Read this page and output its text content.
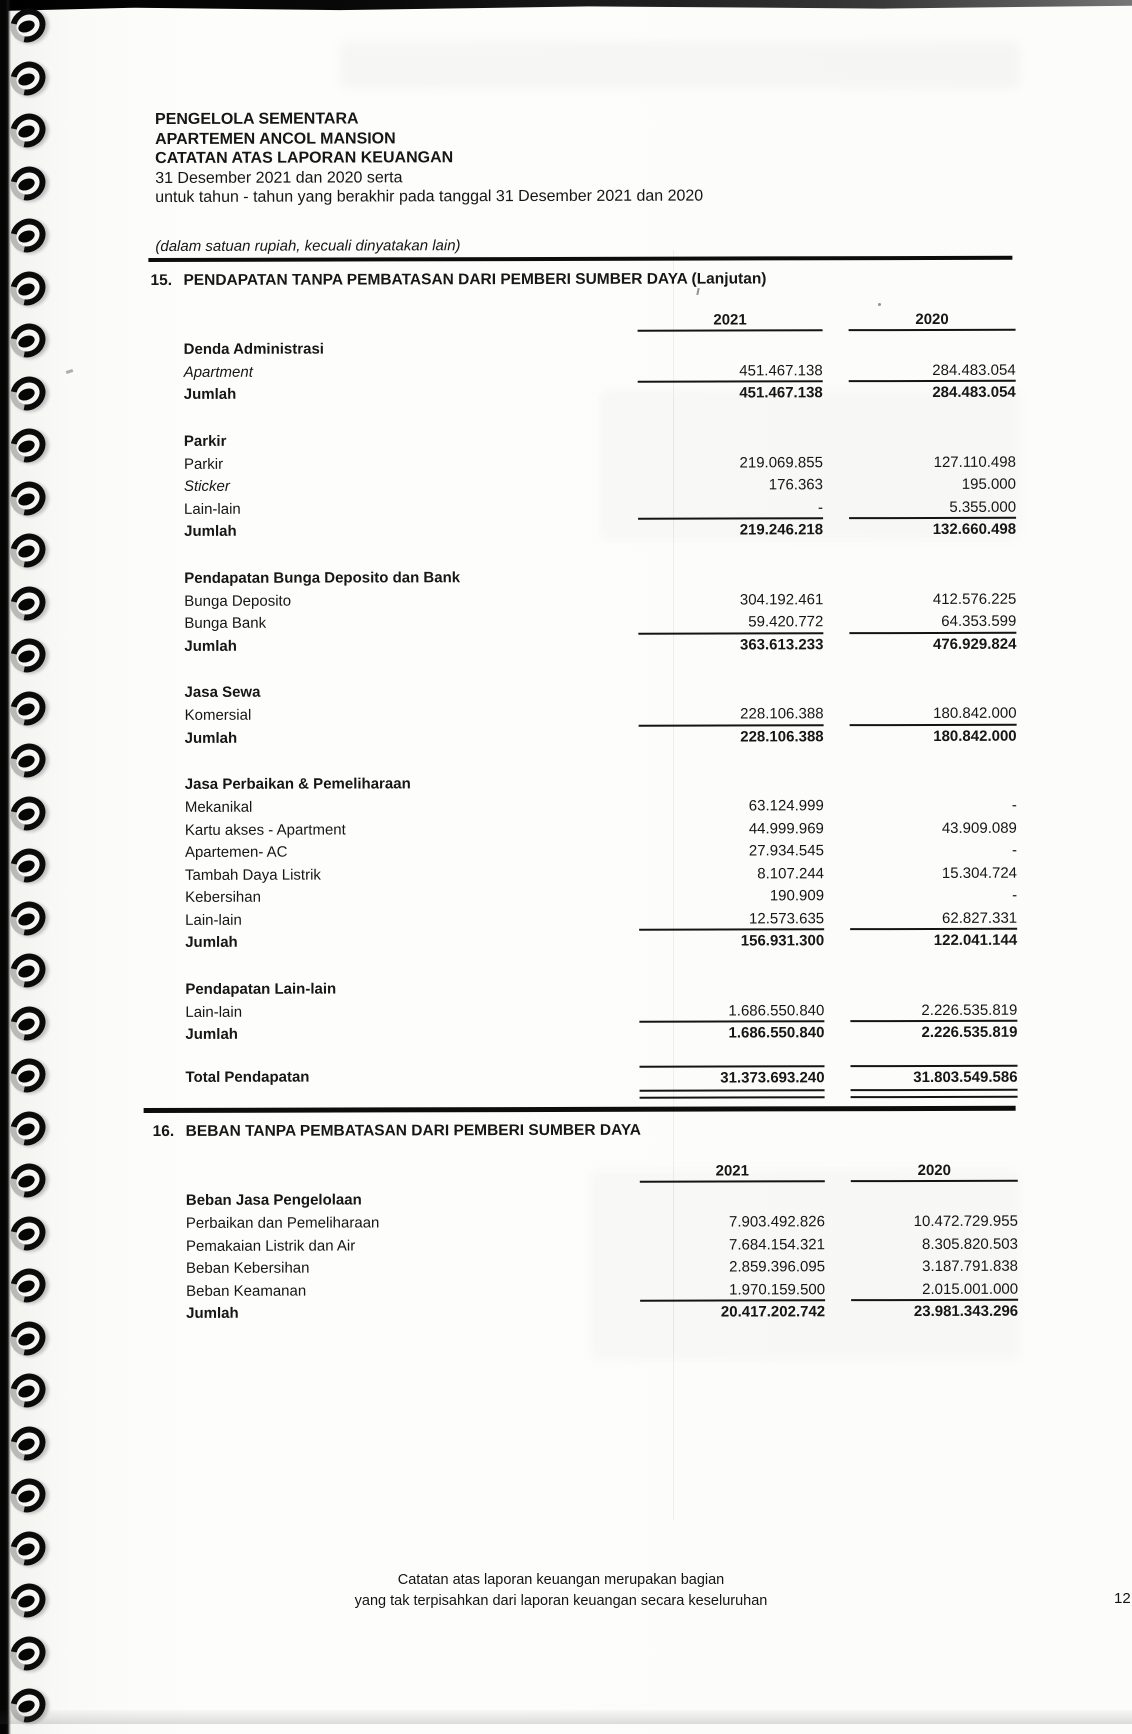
PENGELOLA SEMENTARA
APARTEMEN ANCOL MANSION
CATATAN ATAS LAPORAN KEUANGAN
31 Desember 2021 dan 2020 serta
untuk tahun - tahun yang berakhir pada tanggal 31 Desember 2021 dan 2020
(dalam satuan rupiah, kecuali dinyatakan lain)
15. PENDAPATAN TANPA PEMBATASAN DARI PEMBERI SUMBER DAYA (Lanjutan)
2021	2020
Denda Administrasi
Apartment	451.467.138	284.483.054
Jumlah	451.467.138	284.483.054
Parkir
Parkir	219.069.855	127.110.498
Sticker	176.363	195.000
Lain-lain	-	5.355.000
Jumlah	219.246.218	132.660.498
Pendapatan Bunga Deposito dan Bank
Bunga Deposito	304.192.461	412.576.225
Bunga Bank	59.420.772	64.353.599
Jumlah	363.613.233	476.929.824
Jasa Sewa
Komersial	228.106.388	180.842.000
Jumlah	228.106.388	180.842.000
Jasa Perbaikan & Pemeliharaan
Mekanikal	63.124.999	-
Kartu akses - Apartment	44.999.969	43.909.089
Apartemen- AC	27.934.545	-
Tambah Daya Listrik	8.107.244	15.304.724
Kebersihan	190.909	-
Lain-lain	12.573.635	62.827.331
Jumlah	156.931.300	122.041.144
Pendapatan Lain-lain
Lain-lain	1.686.550.840	2.226.535.819
Jumlah	1.686.550.840	2.226.535.819
Total Pendapatan	31.373.693.240	31.803.549.586
16. BEBAN TANPA PEMBATASAN DARI PEMBERI SUMBER DAYA
2021	2020
Beban Jasa Pengelolaan
Perbaikan dan Pemeliharaan	7.903.492.826	10.472.729.955
Pemakaian Listrik dan Air	7.684.154.321	8.305.820.503
Beban Kebersihan	2.859.396.095	3.187.791.838
Beban Keamanan	1.970.159.500	2.015.001.000
Jumlah	20.417.202.742	23.981.343.296
Catatan atas laporan keuangan merupakan bagian
yang tak terpisahkan dari laporan keuangan secara keseluruhan	12
